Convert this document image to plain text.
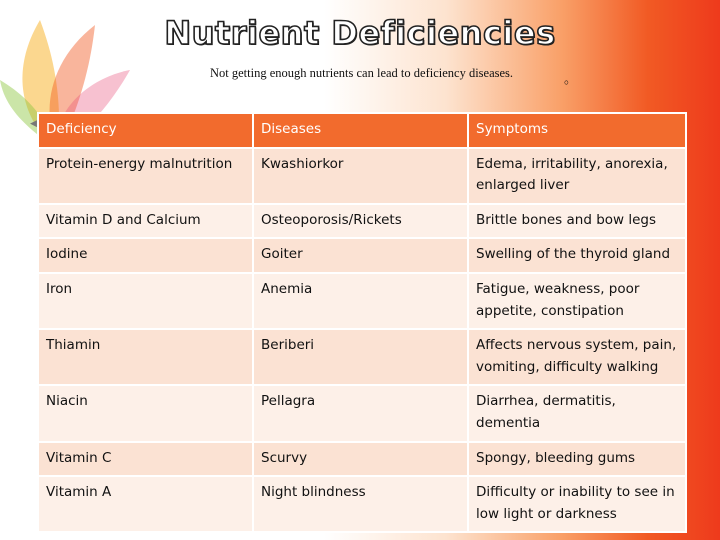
Nutrient Deficiencies
Not getting enough nutrients can lead to deficiency diseases.	。
◀ Deficiency	Diseases	Symptoms
Protein-energy malnutrition	Kwashiorkor	Edema, irritability, anorexia, enlarged liver
Vitamin D and Calcium	Osteoporosis/Rickets	Brittle bones and bow legs
Iodine	Goiter	Swelling of the thyroid gland
Iron	Anemia	Fatigue, weakness, poor appetite, constipation
Thiamin	Beriberi	Affects nervous system, pain, vomiting, difficulty walking
Niacin	Pellagra	Diarrhea, dermatitis, dementia
Vitamin C	Scurvy	Spongy, bleeding gums
Vitamin A	Night blindness	Difficulty or inability to see in low light or darkness
